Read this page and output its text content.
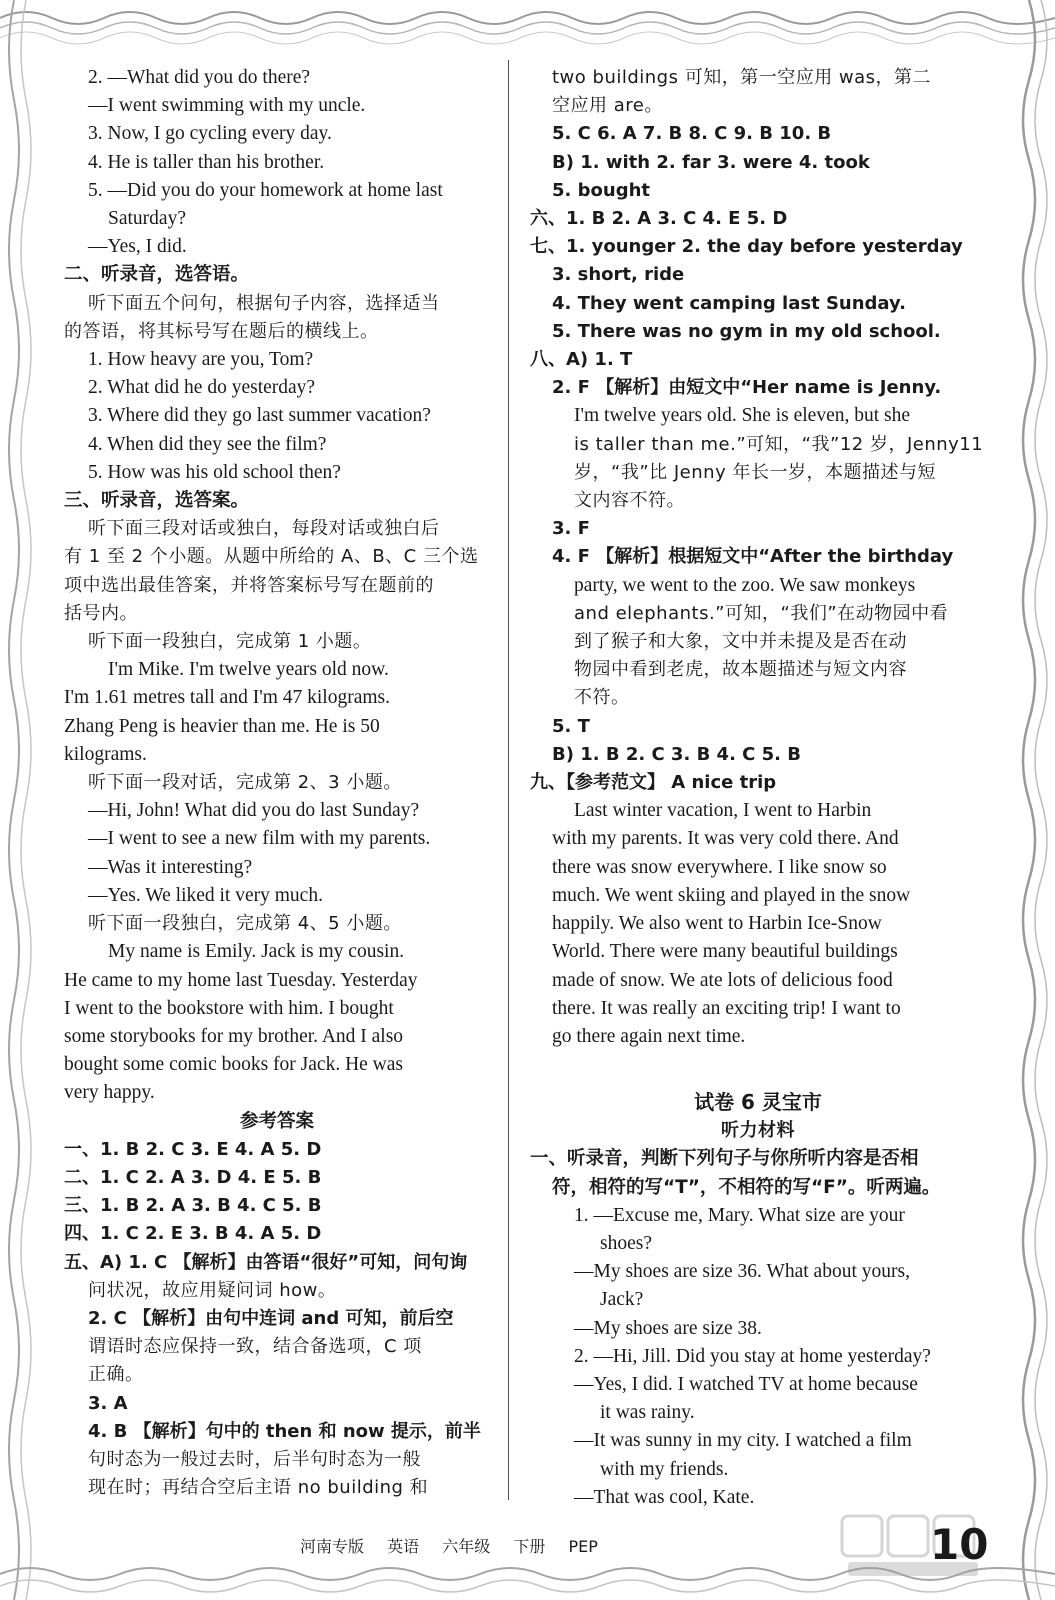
2. —What did you do there?
—I went swimming with my uncle.
3. Now, I go cycling every day.
4. He is taller than his brother.
5. —Did you do your homework at home last
Saturday?
—Yes, I did.
二、听录音，选答语。
听下面五个问句，根据句子内容，选择适当
的答语，将其标号写在题后的横线上。
1. How heavy are you, Tom?
2. What did he do yesterday?
3. Where did they go last summer vacation?
4. When did they see the film?
5. How was his old school then?
三、听录音，选答案。
听下面三段对话或独白，每段对话或独白后
有 1 至 2 个小题。从题中所给的 A、B、C 三个选
项中选出最佳答案，并将答案标号写在题前的
括号内。
听下面一段独白，完成第 1 小题。
I'm Mike. I'm twelve years old now.
I'm 1.61 metres tall and I'm 47 kilograms.
Zhang Peng is heavier than me. He is 50
kilograms.
听下面一段对话，完成第 2、3 小题。
—Hi, John! What did you do last Sunday?
—I went to see a new film with my parents.
—Was it interesting?
—Yes. We liked it very much.
听下面一段独白，完成第 4、5 小题。
My name is Emily. Jack is my cousin.
He came to my home last Tuesday. Yesterday
I went to the bookstore with him. I bought
some storybooks for my brother. And I also
bought some comic books for Jack. He was
very happy.
参考答案
一、1. B 2. C 3. E 4. A 5. D
二、1. C 2. A 3. D 4. E 5. B
三、1. B 2. A 3. B 4. C 5. B
四、1. C 2. E 3. B 4. A 5. D
五、A) 1. C 【解析】由答语“很好”可知，问句询
问状况，故应用疑问词 how。
2. C 【解析】由句中连词 and 可知，前后空
谓语时态应保持一致，结合备选项，C 项
正确。
3. A
4. B 【解析】句中的 then 和 now 提示，前半
句时态为一般过去时，后半句时态为一般
现在时；再结合空后主语 no building 和
two buildings 可知，第一空应用 was，第二
空应用 are。
5. C 6. A 7. B 8. C 9. B 10. B
B) 1. with 2. far 3. were 4. took
5. bought
六、1. B 2. A 3. C 4. E 5. D
七、1. younger 2. the day before yesterday
3. short, ride
4. They went camping last Sunday.
5. There was no gym in my old school.
八、A) 1. T
2. F 【解析】由短文中“Her name is Jenny.
I'm twelve years old. She is eleven, but she
is taller than me.”可知，“我”12 岁，Jenny11
岁，“我”比 Jenny 年长一岁，本题描述与短
文内容不符。
3. F
4. F 【解析】根据短文中“After the birthday
party, we went to the zoo. We saw monkeys
and elephants.”可知，“我们”在动物园中看
到了猴子和大象，文中并未提及是否在动
物园中看到老虎，故本题描述与短文内容
不符。
5. T
B) 1. B 2. C 3. B 4. C 5. B
九、【参考范文】 A nice trip
Last winter vacation, I went to Harbin
with my parents. It was very cold there. And
there was snow everywhere. I like snow so
much. We went skiing and played in the snow
happily. We also went to Harbin Ice-Snow
World. There were many beautiful buildings
made of snow. We ate lots of delicious food
there. It was really an exciting trip! I want to
go there again next time.
试卷 6 灵宝市
听力材料
一、听录音，判断下列句子与你所听内容是否相
符，相符的写“T”，不相符的写“F”。听两遍。
1. —Excuse me, Mary. What size are your
shoes?
—My shoes are size 36. What about yours,
Jack?
—My shoes are size 38.
2. —Hi, Jill. Did you stay at home yesterday?
—Yes, I did. I watched TV at home because
it was rainy.
—It was sunny in my city. I watched a film
with my friends.
—That was cool, Kate.
河南专版 英语 六年级 下册 PEP	10
